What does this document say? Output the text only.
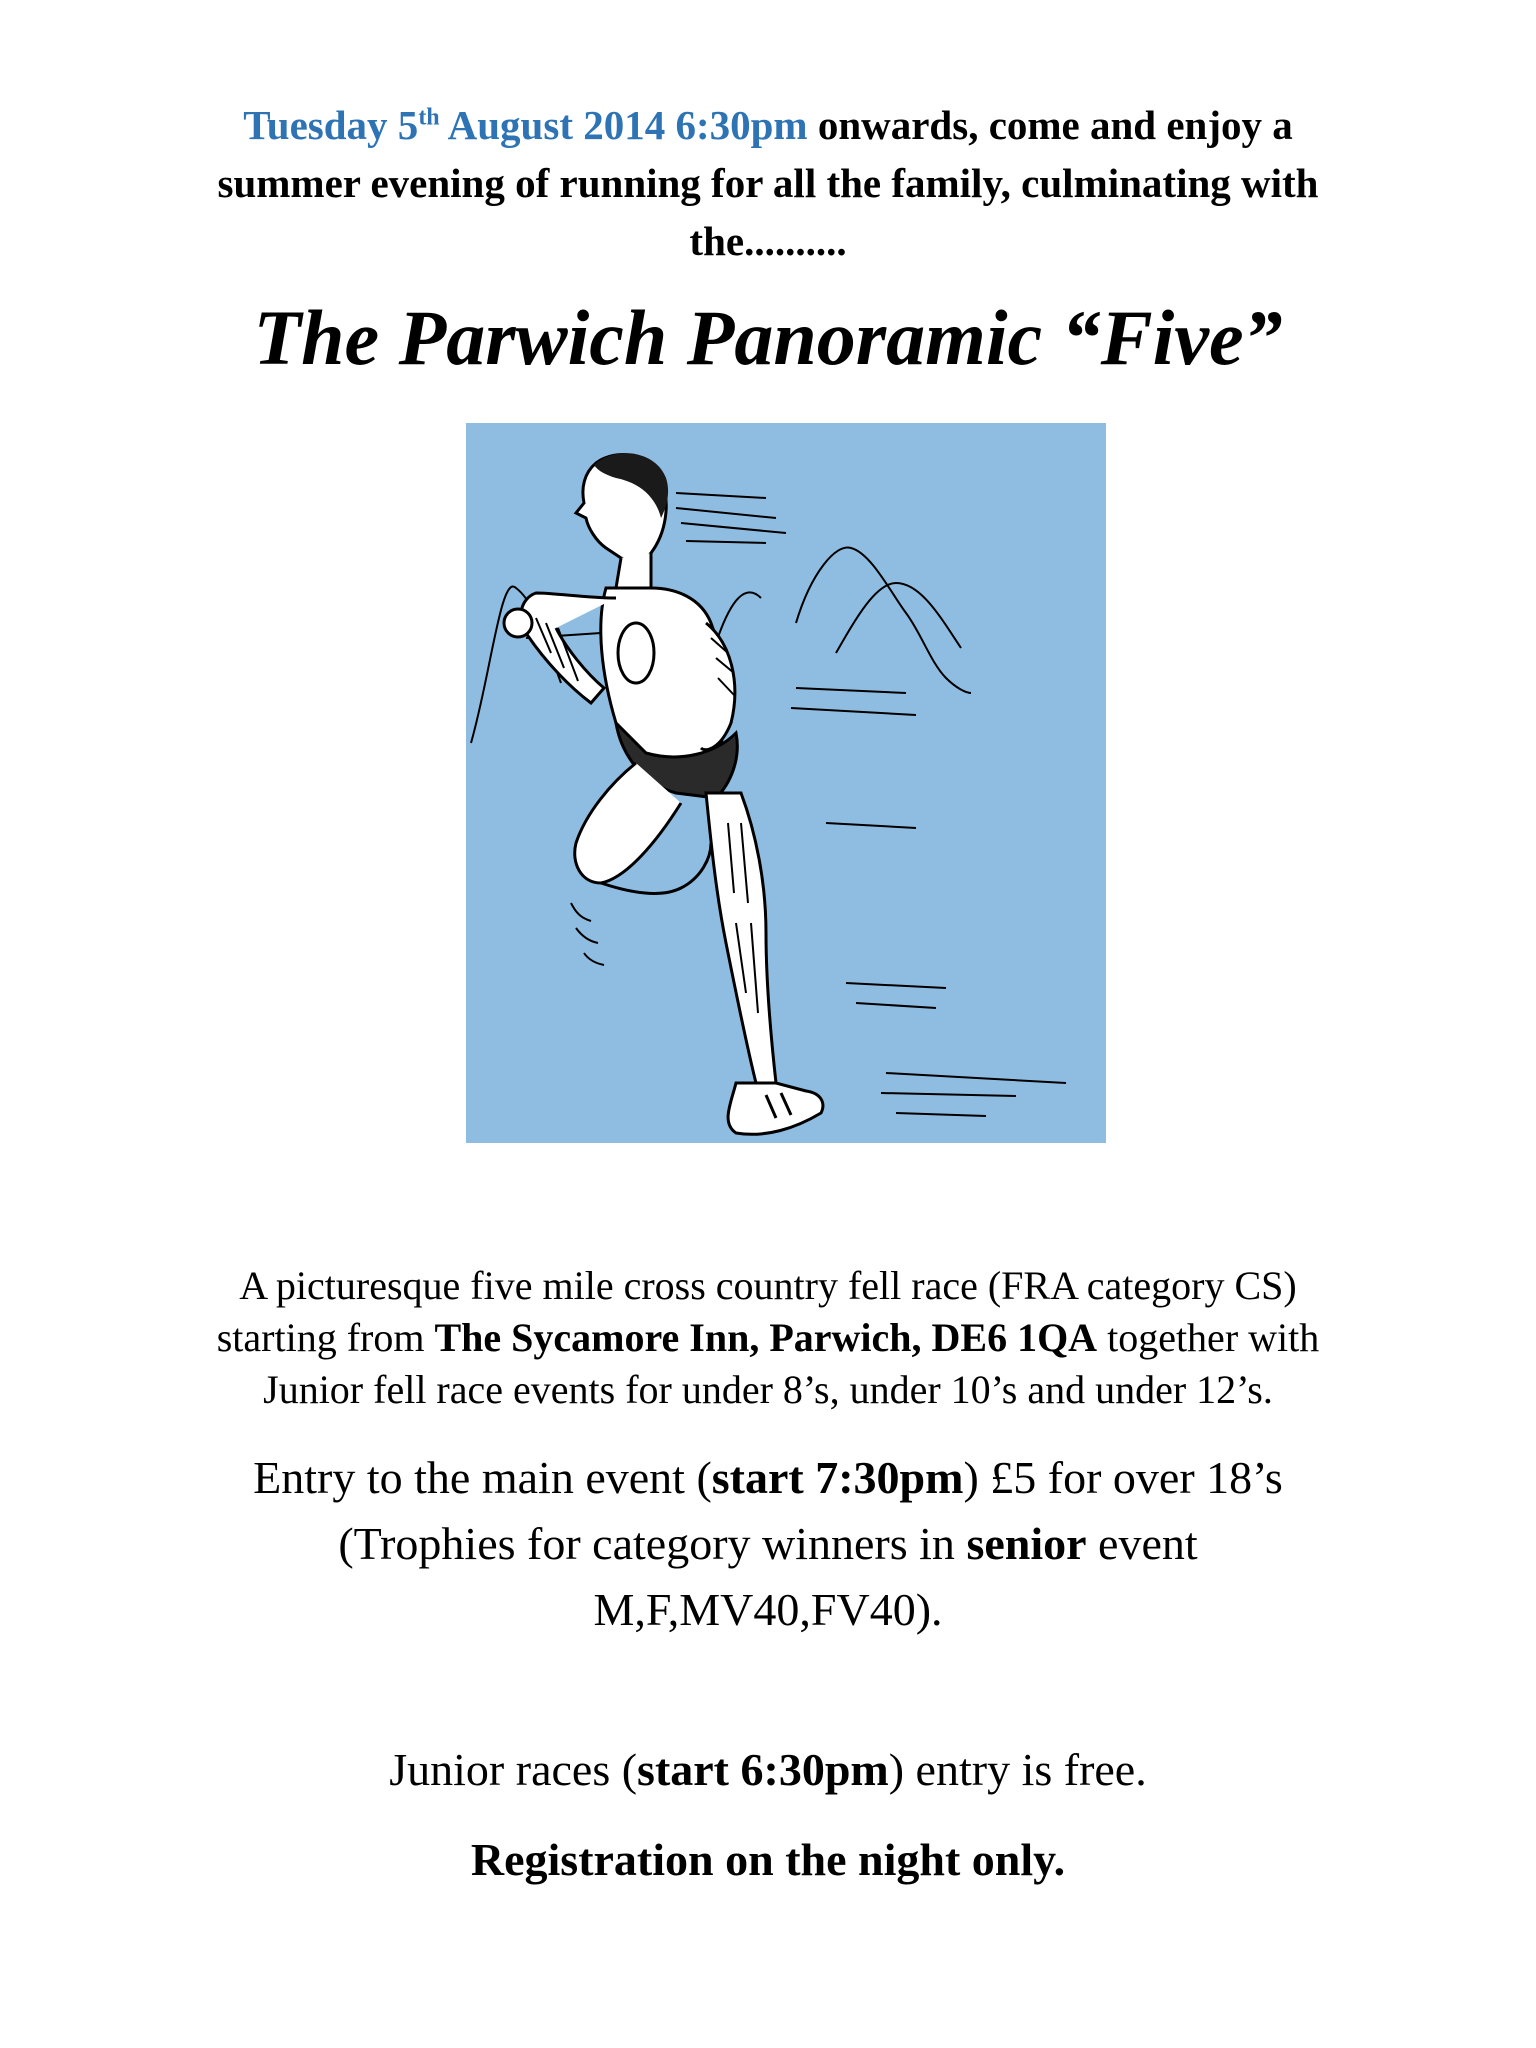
Tuesday 5th August 2014 6:30pm onwards, come and enjoy a
summer evening of running for all the family, culminating with
the..........
The Parwich Panoramic “Five”
A picturesque five mile cross country fell race (FRA category CS)
starting from The Sycamore Inn, Parwich, DE6 1QA together with
Junior fell race events for under 8’s, under 10’s and under 12’s.
Entry to the main event (start 7:30pm) £5 for over 18’s
(Trophies for category winners in senior event
M,F,MV40,FV40).
Junior races (start 6:30pm) entry is free.
Registration on the night only.
